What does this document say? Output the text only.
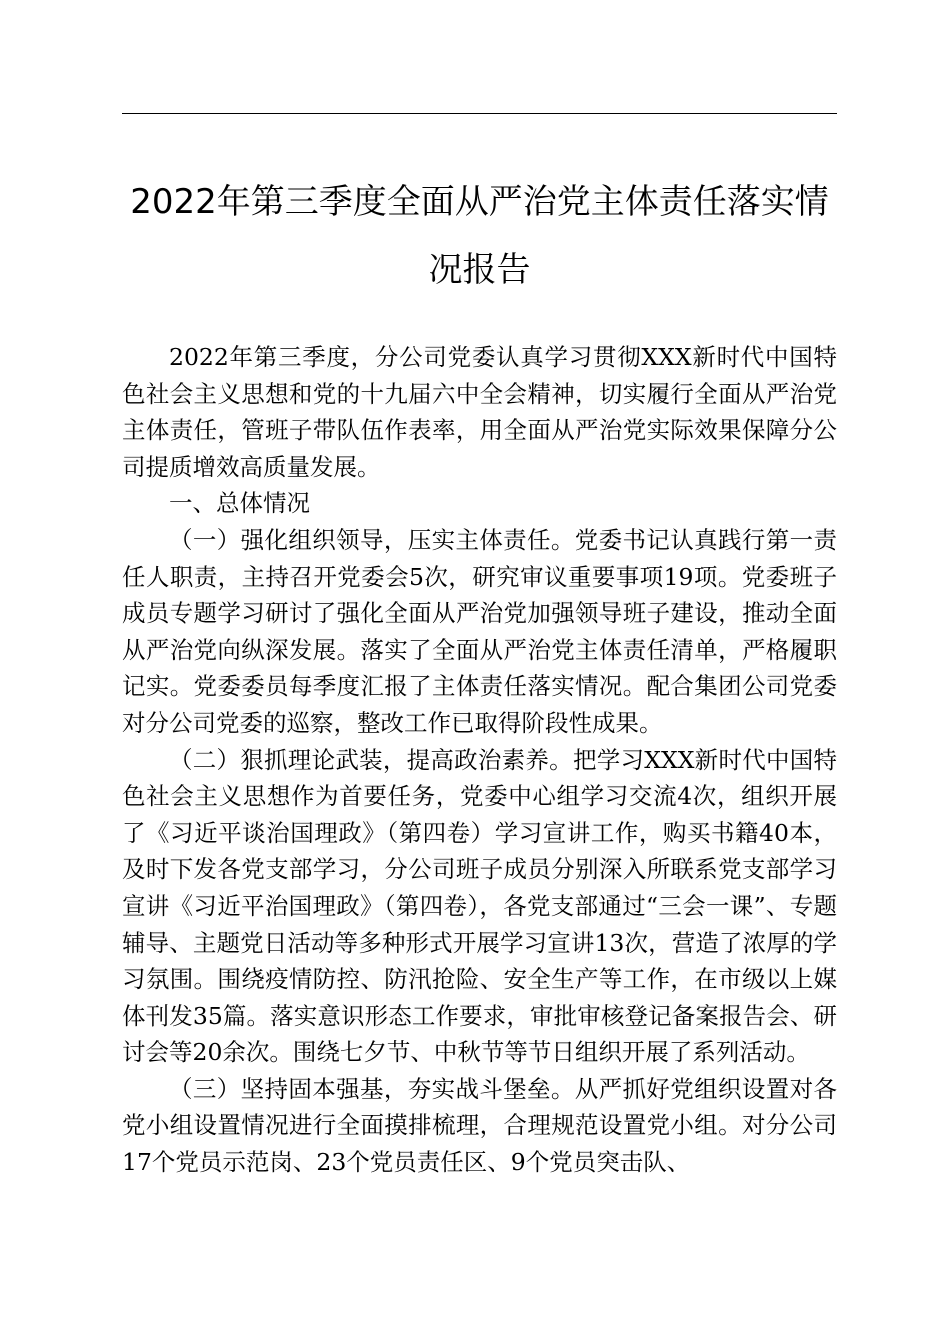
2022年第三季度全面从严治党主体责任落实情况报告

2022年第三季度，分公司党委认真学习贯彻XXX新时代中国特色社会主义思想和党的十九届六中全会精神，切实履行全面从严治党主体责任，管班子带队伍作表率，用全面从严治党实际效果保障分公司提质增效高质量发展。

一、总体情况

（一）强化组织领导，压实主体责任。党委书记认真践行第一责任人职责，主持召开党委会5次，研究审议重要事项19项。党委班子成员专题学习研讨了强化全面从严治党加强领导班子建设，推动全面从严治党向纵深发展。落实了全面从严治党主体责任清单，严格履职记实。党委委员每季度汇报了主体责任落实情况。配合集团公司党委对分公司党委的巡察，整改工作已取得阶段性成果。

（二）狠抓理论武装，提高政治素养。把学习XXX新时代中国特色社会主义思想作为首要任务，党委中心组学习交流4次，组织开展了《习近平谈治国理政》（第四卷）学习宣讲工作，购买书籍40本，及时下发各党支部学习，分公司班子成员分别深入所联系党支部学习宣讲《习近平治国理政》（第四卷），各党支部通过“三会一课”、专题辅导、主题党日活动等多种形式开展学习宣讲13次，营造了浓厚的学习氛围。围绕疫情防控、防汛抢险、安全生产等工作，在市级以上媒体刊发35篇。落实意识形态工作要求，审批审核登记备案报告会、研讨会等20余次。围绕七夕节、中秋节等节日组织开展了系列活动。

（三）坚持固本强基，夯实战斗堡垒。从严抓好党组织设置对各党小组设置情况进行全面摸排梳理，合理规范设置党小组。对分公司17个党员示范岗、23个党员责任区、9个党员突击队、
